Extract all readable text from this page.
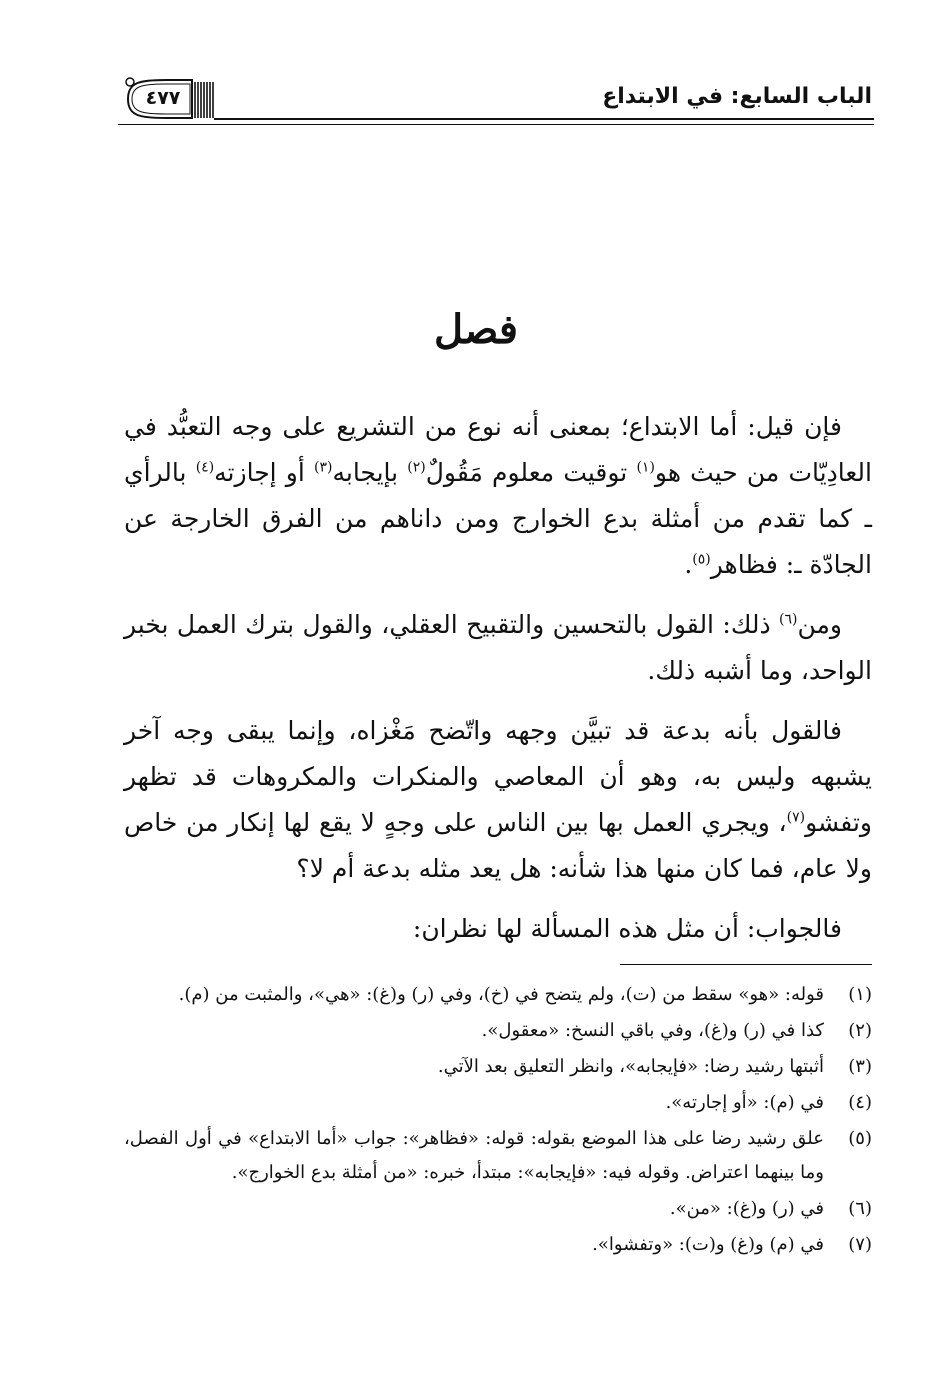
الباب السابع: في الابتداع
٤٧٧
فصل

فإن قيل: أما الابتداع؛ بمعنى أنه نوع من التشريع على وجه التعبُّد في العادِيّات من حيث هو$^{(١)}$ توقيت معلوم مَقُولٌ$^{(٢)}$ بإيجابه$^{(٣)}$ أو إجازته$^{(٤)}$ بالرأي ـ كما تقدم من أمثلة بدع الخوارج ومن داناهم من الفرق الخارجة عن الجادّة ـ: فظاهر$^{(٥)}$.

ومن$^{(٦)}$ ذلك: القول بالتحسين والتقبيح العقلي، والقول بترك العمل بخبر الواحد، وما أشبه ذلك.

فالقول بأنه بدعة قد تبيَّن وجهه واتّضح مَغْزاه، وإنما يبقى وجه آخر يشبهه وليس به، وهو أن المعاصي والمنكرات والمكروهات قد تظهر وتفشو$^{(٧)}$، ويجري العمل بها بين الناس على وجهٍ لا يقع لها إنكار من خاص ولا عام، فما كان منها هذا شأنه: هل يعد مثله بدعة أم لا؟

فالجواب: أن مثل هذه المسألة لها نظران:

(١)
قوله: «هو» سقط من (ت)، ولم يتضح في (خ)، وفي (ر) و(غ): «هي»، والمثبت من (م).
(٢)
كذا في (ر) و(غ)، وفي باقي النسخ: «معقول».
(٣)
أثبتها رشيد رضا: «فإيجابه»، وانظر التعليق بعد الآتي.
(٤)
في (م): «أو إجارته».
(٥)
علق رشيد رضا على هذا الموضع بقوله: قوله: «فظاهر»: جواب «أما الابتداع» في أول الفصل، وما بينهما اعتراض. وقوله فيه: «فإيجابه»: مبتدأ، خبره: «من أمثلة بدع الخوارج».
(٦)
في (ر) و(غ): «من».
(٧)
في (م) و(غ) و(ت): «وتفشوا».
